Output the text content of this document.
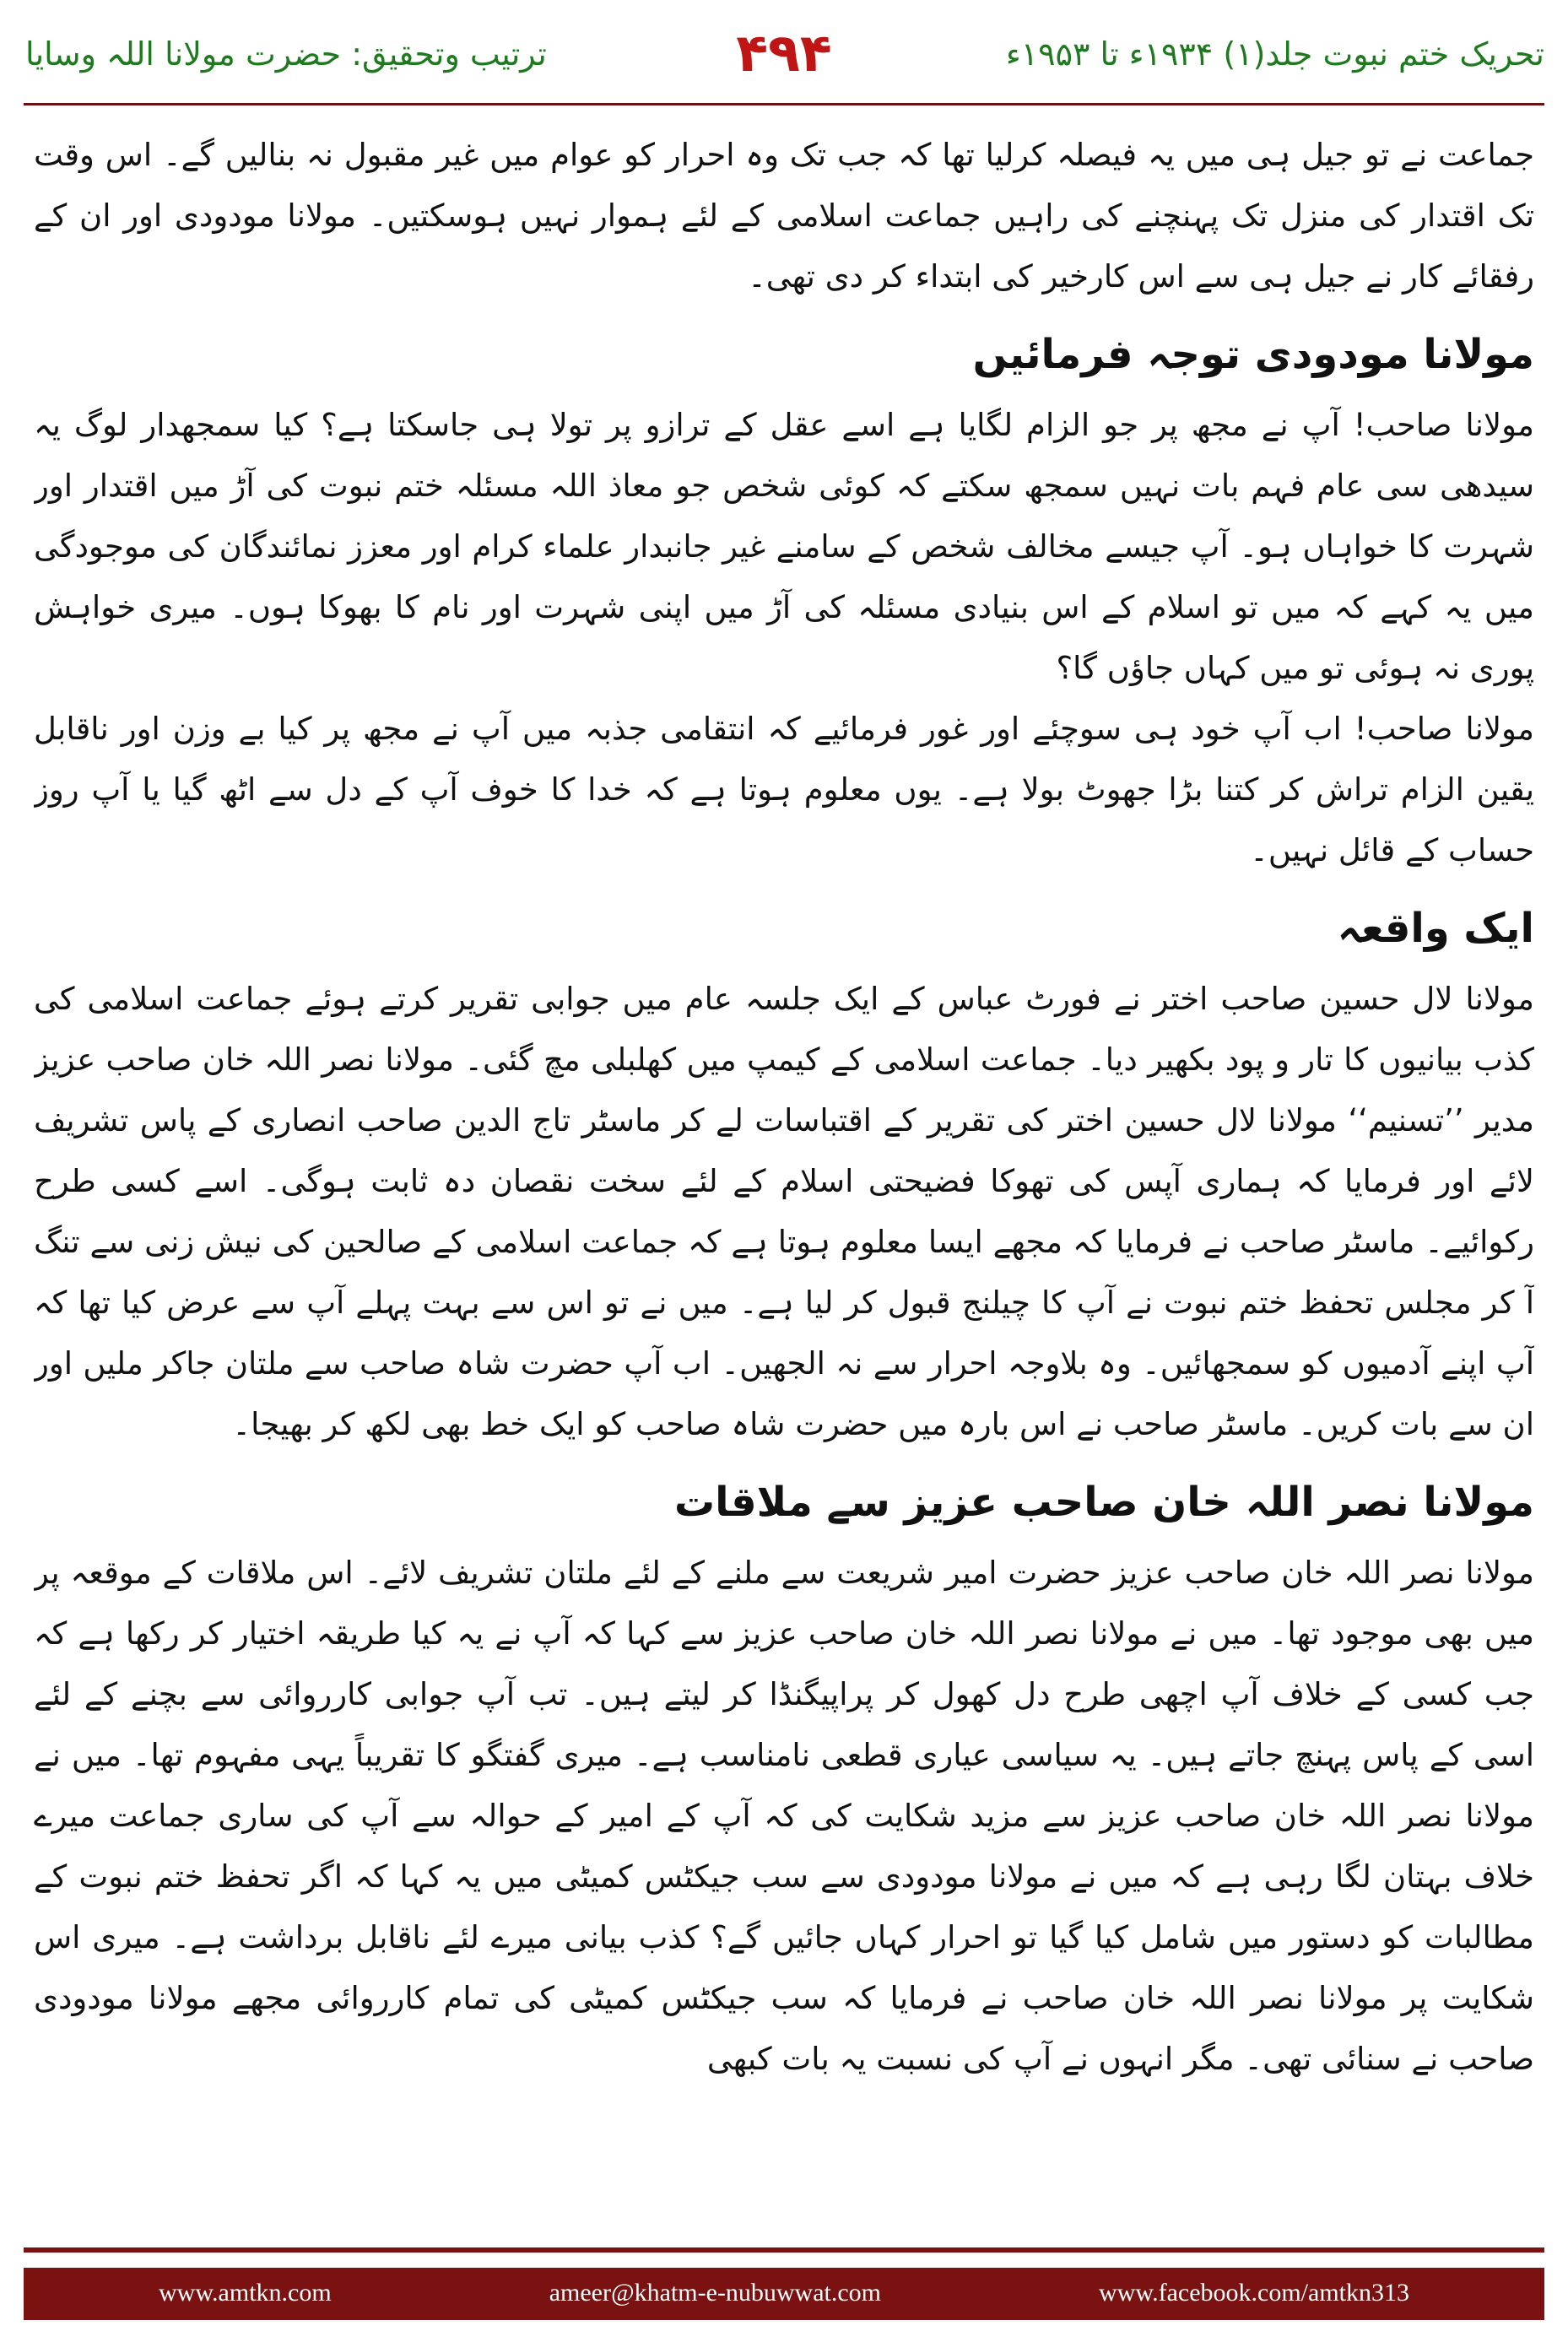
تحریک ختم نبوت جلد(۱) ۱۹۳۴ء تا ۱۹۵۳ء
۴۹۴
ترتیب وتحقیق: حضرت مولانا اللہ وسایا

جماعت نے تو جیل ہی میں یہ فیصلہ کرلیا تھا کہ جب تک وہ احرار کو عوام میں غیر مقبول نہ بنالیں گے۔ اس وقت تک اقتدار کی منزل تک پہنچنے کی راہیں جماعت اسلامی کے لئے ہموار نہیں ہوسکتیں۔ مولانا مودودی اور ان کے رفقائے کار نے جیل ہی سے اس کارخیر کی ابتداء کر دی تھی۔

مولانا مودودی توجہ فرمائیں

مولانا صاحب! آپ نے مجھ پر جو الزام لگایا ہے اسے عقل کے ترازو پر تولا ہی جاسکتا ہے؟ کیا سمجھدار لوگ یہ سیدھی سی عام فہم بات نہیں سمجھ سکتے کہ کوئی شخص جو معاذ اللہ مسئلہ ختم نبوت کی آڑ میں اقتدار اور شہرت کا خواہاں ہو۔ آپ جیسے مخالف شخص کے سامنے غیر جانبدار علماء کرام اور معزز نمائندگان کی موجودگی میں یہ کہے کہ میں تو اسلام کے اس بنیادی مسئلہ کی آڑ میں اپنی شہرت اور نام کا بھوکا ہوں۔ میری خواہش پوری نہ ہوئی تو میں کہاں جاؤں گا؟

مولانا صاحب! اب آپ خود ہی سوچئے اور غور فرمائیے کہ انتقامی جذبہ میں آپ نے مجھ پر کیا بے وزن اور ناقابل یقین الزام تراش کر کتنا بڑا جھوٹ بولا ہے۔ یوں معلوم ہوتا ہے کہ خدا کا خوف آپ کے دل سے اٹھ گیا یا آپ روز حساب کے قائل نہیں۔

ایک واقعہ

مولانا لال حسین صاحب اختر نے فورٹ عباس کے ایک جلسہ عام میں جوابی تقریر کرتے ہوئے جماعت اسلامی کی کذب بیانیوں کا تار و پود بکھیر دیا۔ جماعت اسلامی کے کیمپ میں کھلبلی مچ گئی۔ مولانا نصر اللہ خان صاحب عزیز مدیر ’’تسنیم‘‘ مولانا لال حسین اختر کی تقریر کے اقتباسات لے کر ماسٹر تاج الدین صاحب انصاری کے پاس تشریف لائے اور فرمایا کہ ہماری آپس کی تھوکا فضیحتی اسلام کے لئے سخت نقصان دہ ثابت ہوگی۔ اسے کسی طرح رکوائیے۔ ماسٹر صاحب نے فرمایا کہ مجھے ایسا معلوم ہوتا ہے کہ جماعت اسلامی کے صالحین کی نیش زنی سے تنگ آ کر مجلس تحفظ ختم نبوت نے آپ کا چیلنج قبول کر لیا ہے۔ میں نے تو اس سے بہت پہلے آپ سے عرض کیا تھا کہ آپ اپنے آدمیوں کو سمجھائیں۔ وہ بلاوجہ احرار سے نہ الجھیں۔ اب آپ حضرت شاہ صاحب سے ملتان جاکر ملیں اور ان سے بات کریں۔ ماسٹر صاحب نے اس بارہ میں حضرت شاہ صاحب کو ایک خط بھی لکھ کر بھیجا۔

مولانا نصر اللہ خان صاحب عزیز سے ملاقات

مولانا نصر اللہ خان صاحب عزیز حضرت امیر شریعت سے ملنے کے لئے ملتان تشریف لائے۔ اس ملاقات کے موقعہ پر میں بھی موجود تھا۔ میں نے مولانا نصر اللہ خان صاحب عزیز سے کہا کہ آپ نے یہ کیا طریقہ اختیار کر رکھا ہے کہ جب کسی کے خلاف آپ اچھی طرح دل کھول کر پراپیگنڈا کر لیتے ہیں۔ تب آپ جوابی کارروائی سے بچنے کے لئے اسی کے پاس پہنچ جاتے ہیں۔ یہ سیاسی عیاری قطعی نامناسب ہے۔ میری گفتگو کا تقریباً یہی مفہوم تھا۔ میں نے مولانا نصر اللہ خان صاحب عزیز سے مزید شکایت کی کہ آپ کے امیر کے حوالہ سے آپ کی ساری جماعت میرے خلاف بہتان لگا رہی ہے کہ میں نے مولانا مودودی سے سب جیکٹس کمیٹی میں یہ کہا کہ اگر تحفظ ختم نبوت کے مطالبات کو دستور میں شامل کیا گیا تو احرار کہاں جائیں گے؟ کذب بیانی میرے لئے ناقابل برداشت ہے۔ میری اس شکایت پر مولانا نصر اللہ خان صاحب نے فرمایا کہ سب جیکٹس کمیٹی کی تمام کارروائی مجھے مولانا مودودی صاحب نے سنائی تھی۔ مگر انہوں نے آپ کی نسبت یہ بات کبھی

www.amtkn.com	ameer@khatm-e-nubuwwat.com	www.facebook.com/amtkn313
